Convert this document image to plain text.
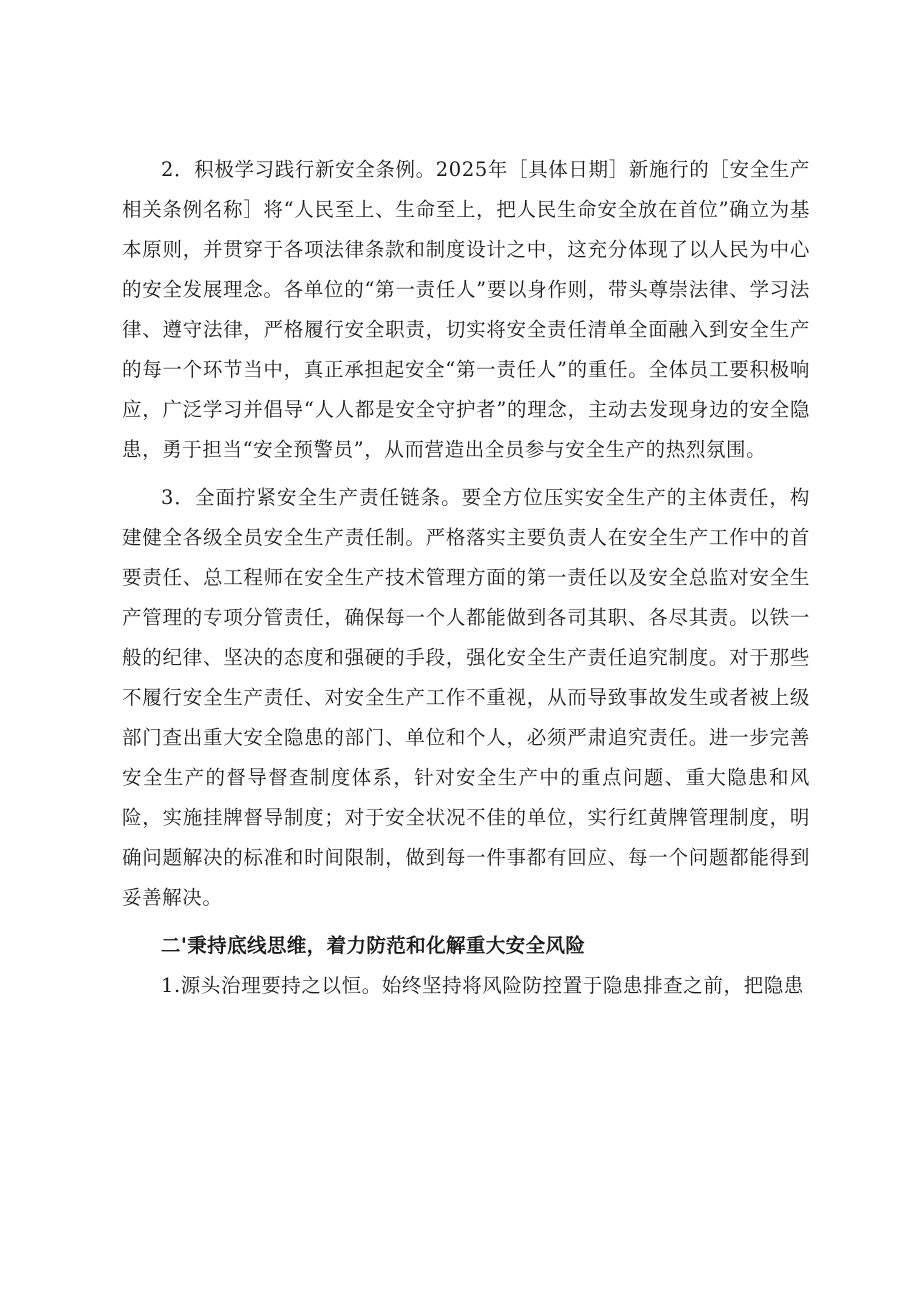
2．积极学习践行新安全条例。2025年［具体日期］新施行的［安全生产相关条例名称］将“人民至上、生命至上，把人民生命安全放在首位”确立为基本原则，并贯穿于各项法律条款和制度设计之中，这充分体现了以人民为中心的安全发展理念。各单位的“第一责任人”要以身作则，带头尊崇法律、学习法律、遵守法律，严格履行安全职责，切实将安全责任清单全面融入到安全生产的每一个环节当中，真正承担起安全“第一责任人”的重任。全体员工要积极响应，广泛学习并倡导“人人都是安全守护者”的理念，主动去发现身边的安全隐患，勇于担当“安全预警员”，从而营造出全员参与安全生产的热烈氛围。

3．全面拧紧安全生产责任链条。要全方位压实安全生产的主体责任，构建健全各级全员安全生产责任制。严格落实主要负责人在安全生产工作中的首要责任、总工程师在安全生产技术管理方面的第一责任以及安全总监对安全生产管理的专项分管责任，确保每一个人都能做到各司其职、各尽其责。以铁一般的纪律、坚决的态度和强硬的手段，强化安全生产责任追究制度。对于那些不履行安全生产责任、对安全生产工作不重视，从而导致事故发生或者被上级部门查出重大安全隐患的部门、单位和个人，必须严肃追究责任。进一步完善安全生产的督导督查制度体系，针对安全生产中的重点问题、重大隐患和风险，实施挂牌督导制度；对于安全状况不佳的单位，实行红黄牌管理制度，明确问题解决的标准和时间限制，做到每一件事都有回应、每一个问题都能得到妥善解决。

二'秉持底线思维，着力防范和化解重大安全风险

1.源头治理要持之以恒。始终坚持将风险防控置于隐患排查之前，把隐患
